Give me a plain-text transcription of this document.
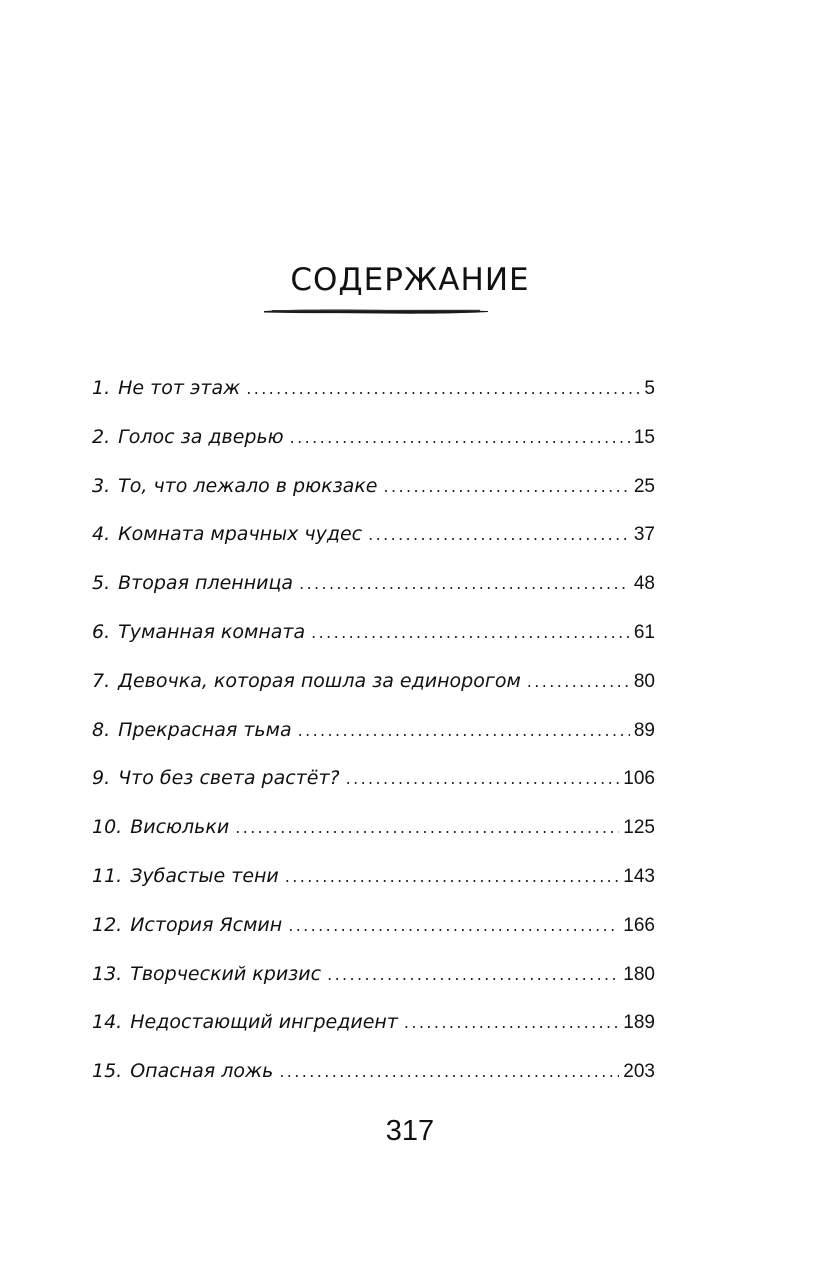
СОДЕРЖАНИЕ
1. Не тот этаж .....	5
2. Голос за дверью .....	15
3. То, что лежало в рюкзаке .....	25
4. Комната мрачных чудес .....	37
5. Вторая пленница .....	48
6. Туманная комната .....	61
7. Девочка, которая пошла за единорогом .....	80
8. Прекрасная тьма .....	89
9. Что без света растёт? .....	106
10. Висюльки .....	125
11. Зубастые тени .....	143
12. История Ясмин .....	166
13. Творческий кризис .....	180
14. Недостающий ингредиент .....	189
15. Опасная ложь .....	203
317
